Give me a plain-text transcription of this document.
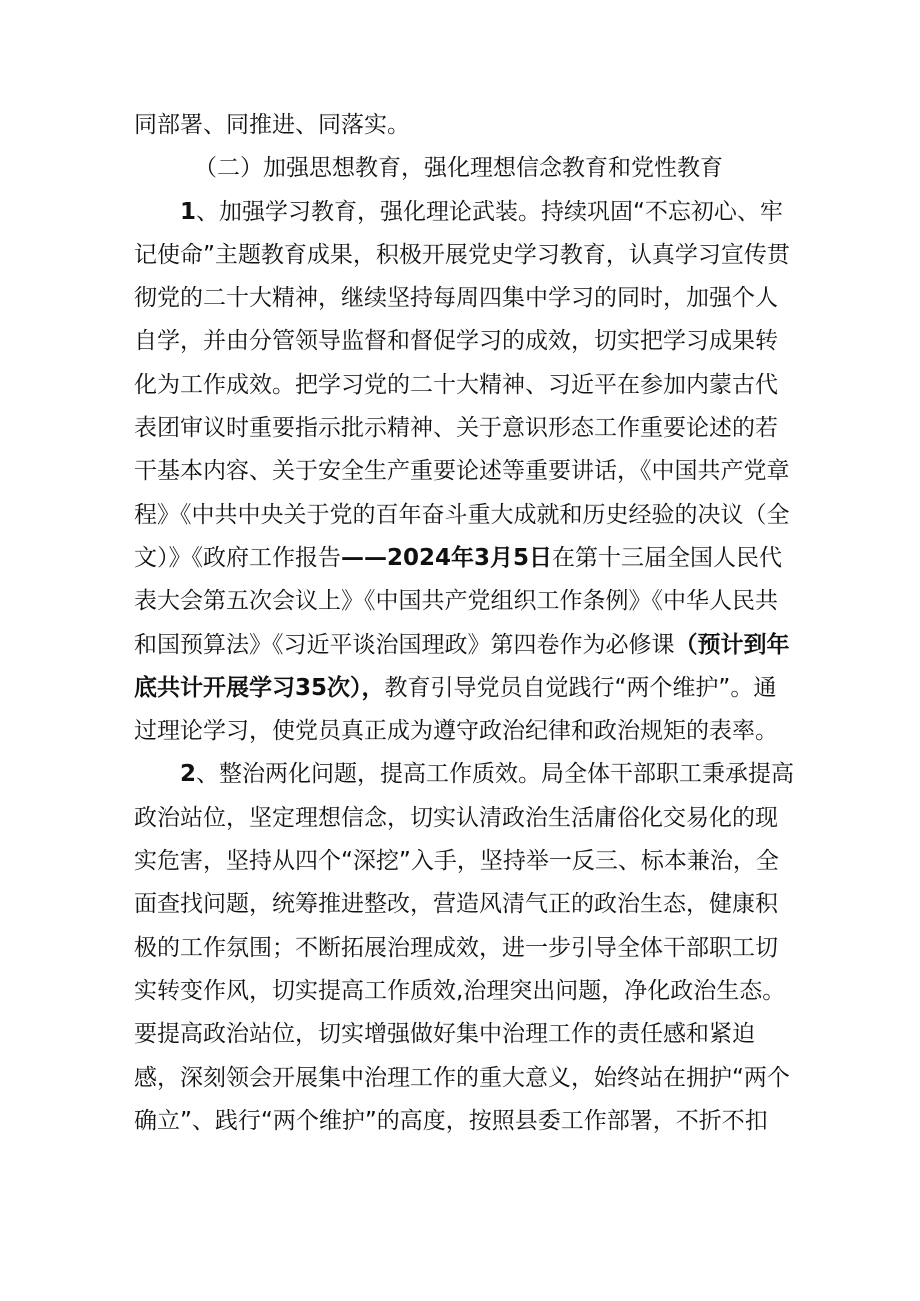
同部署、同推进、同落实。

（二）加强思想教育，强化理想信念教育和党性教育

1、加强学习教育，强化理论武装。持续巩固“不忘初心、牢记使命”主题教育成果，积极开展党史学习教育，认真学习宣传贯彻党的二十大精神，继续坚持每周四集中学习的同时，加强个人自学，并由分管领导监督和督促学习的成效，切实把学习成果转化为工作成效。把学习党的二十大精神、习近平在参加内蒙古代表团审议时重要指示批示精神、关于意识形态工作重要论述的若干基本内容、关于安全生产重要论述等重要讲话，《中国共产党章程》《中共中央关于党的百年奋斗重大成就和历史经验的决议（全文）》《政府工作报告——2024年3月5日在第十三届全国人民代表大会第五次会议上》《中国共产党组织工作条例》《中华人民共和国预算法》《习近平谈治国理政》第四卷作为必修课（预计到年底共计开展学习35次），教育引导党员自觉践行“两个维护”。通过理论学习，使党员真正成为遵守政治纪律和政治规矩的表率。

2、整治两化问题，提高工作质效。局全体干部职工秉承提高政治站位，坚定理想信念，切实认清政治生活庸俗化交易化的现实危害，坚持从四个“深挖”入手，坚持举一反三、标本兼治，全面查找问题，统筹推进整改，营造风清气正的政治生态，健康积极的工作氛围；不断拓展治理成效，进一步引导全体干部职工切实转变作风，切实提高工作质效,治理突出问题，净化政治生态。要提高政治站位，切实增强做好集中治理工作的责任感和紧迫感，深刻领会开展集中治理工作的重大意义，始终站在拥护“两个确立”、践行“两个维护”的高度，按照县委工作部署，不折不扣
